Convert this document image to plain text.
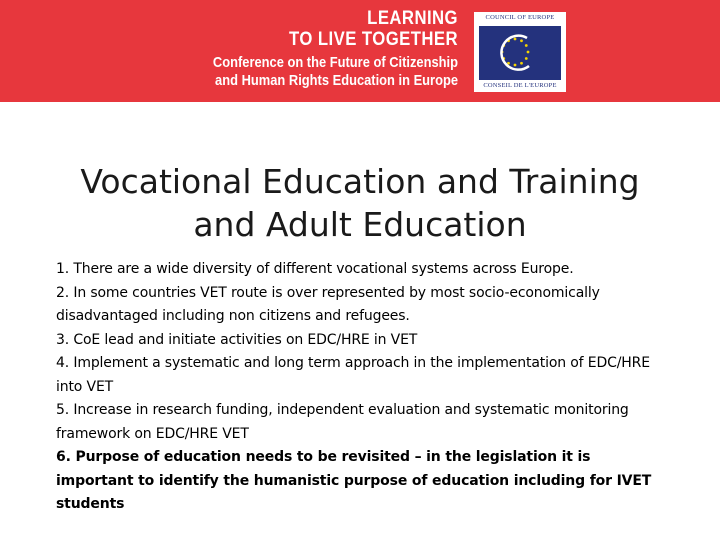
LEARNING
TO LIVE TOGETHER
Conference on the Future of Citizenship
and Human Rights Education in Europe
COUNCIL OF EUROPE
CONSEIL DE L'EUROPE
Vocational Education and Training
and Adult Education

1. There are a wide diversity of different vocational systems across Europe.

2. In some countries VET route is over represented by most socio-economically disadvantaged including non citizens and refugees.

3. CoE lead and initiate activities on EDC/HRE in VET

4. Implement a systematic and long term approach in the implementation of EDC/HRE into VET

5. Increase in research funding, independent evaluation and systematic monitoring framework on EDC/HRE VET

6. Purpose of education needs to be revisited – in the legislation it is important to identify the humanistic purpose of education including for IVET students
